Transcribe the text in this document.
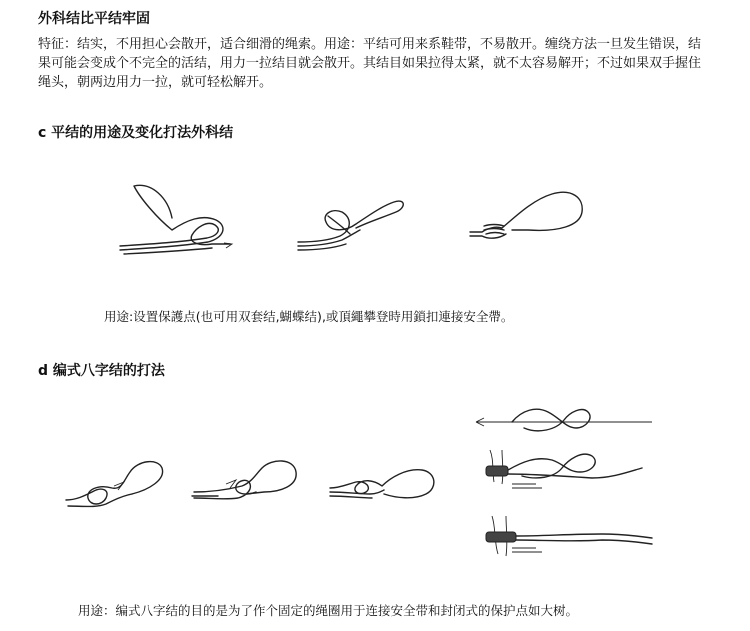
外科结比平结牢固
特征：结实，不用担心会散开，适合细滑的绳索。用途：平结可用来系鞋带，不易散开。缠绕方法一旦发生错误，结果可能会变成个不完全的活结，用力一拉结目就会散开。其结目如果拉得太紧，就不太容易解开；不过如果双手握住绳头，朝两边用力一拉，就可轻松解开。
c 平结的用途及变化打法外科结
用途:设置保護点(也可用双套结,蝴蝶结),或頂繩攀登時用鎖扣連接安全帶。
d 编式八字结的打法
用途：编式八字结的目的是为了作个固定的绳圈用于连接安全带和封闭式的保护点如大树。
